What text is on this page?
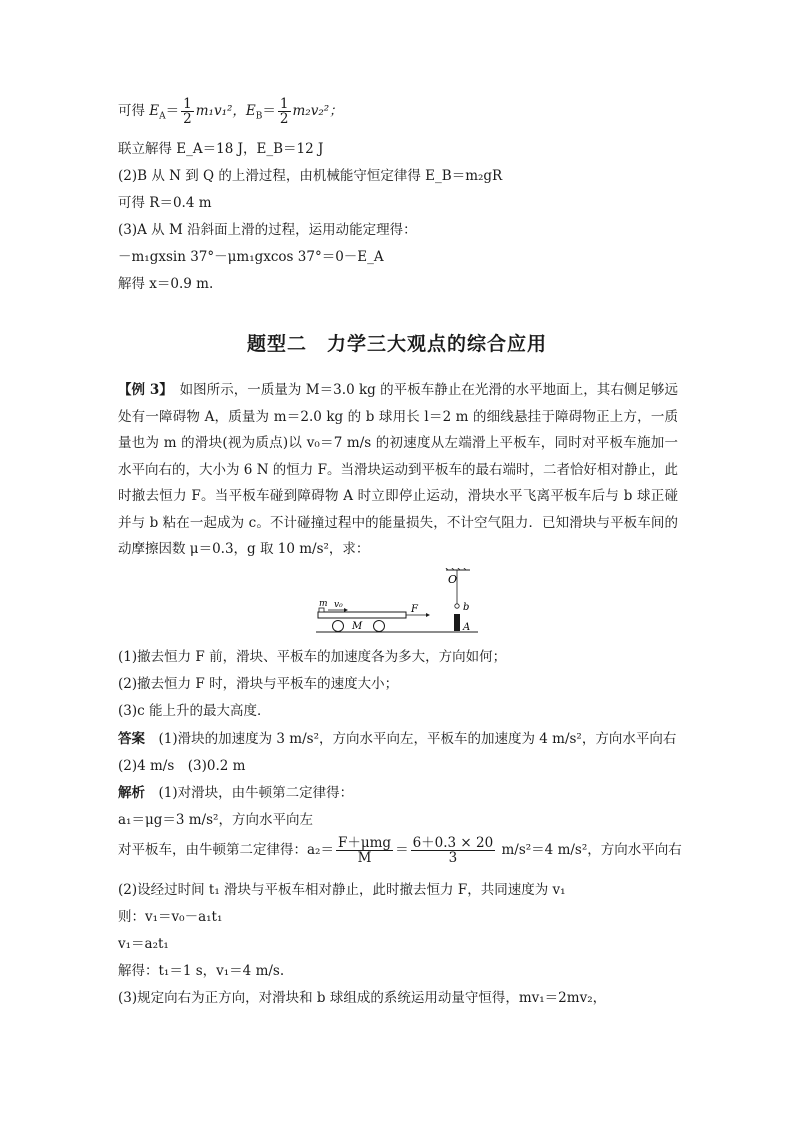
可得 $E_A= \frac{1}{2} m_1v_1^2$，$E_B= \frac{1}{2} m_2v_2^2$；
联立解得 E_A＝18 J，E_B＝12 J
(2)B 从 N 到 Q 的上滑过程，由机械能守恒定律得 E_B＝m₂gR
可得 R＝0.4 m
(3)A 从 M 沿斜面上滑的过程，运用动能定理得：
－m₁gxsin 37°－μm₁gxcos 37°＝0－E_A
解得 x＝0.9 m.
题型二　力学三大观点的综合应用
【例 3】　如图所示，一质量为 M＝3.0 kg 的平板车静止在光滑的水平地面上，其右侧足够远处有一障碍物 A，质量为 m＝2.0 kg 的 b 球用长 l＝2 m 的细线悬挂于障碍物正上方，一质量也为 m 的滑块(视为质点)以 v₀＝7 m/s 的初速度从左端滑上平板车，同时对平板车施加一水平向右的，大小为 6 N 的恒力 F。当滑块运动到平板车的最右端时，二者恰好相对静止，此时撤去恒力 F。当平板车碰到障碍物 A 时立即停止运动，滑块水平飞离平板车后与 b 球正碰并与 b 粘在一起成为 c。不计碰撞过程中的能量损失，不计空气阻力．已知滑块与平板车间的动摩擦因数 μ＝0.3，g 取 10 m/s²，求：
O
b
A
M
m v₀	F
(1)撤去恒力 F 前，滑块、平板车的加速度各为多大，方向如何；
(2)撤去恒力 F 时，滑块与平板车的速度大小；
(3)c 能上升的最大高度．
答案　(1)滑块的加速度为 3 m/s²，方向水平向左，平板车的加速度为 4 m/s²，方向水平向右
(2)4 m/s　(3)0.2 m
解析　(1)对滑块，由牛顿第二定律得：
a₁＝μg＝3 m/s²，方向水平向左
对平板车，由牛顿第二定律得：$a_2= \frac{\text{F＋μmg}}{M} = \frac{6+0.3 \times 20}{3} m/s^2=4$ m/s²，方向水平向右
(2)设经过时间 t₁ 滑块与平板车相对静止，此时撤去恒力 F，共同速度为 v₁
则：v₁＝v₀－a₁t₁
v₁＝a₂t₁
解得：t₁＝1 s，v₁＝4 m/s.
(3)规定向右为正方向，对滑块和 b 球组成的系统运用动量守恒得，mv₁＝2mv₂，
